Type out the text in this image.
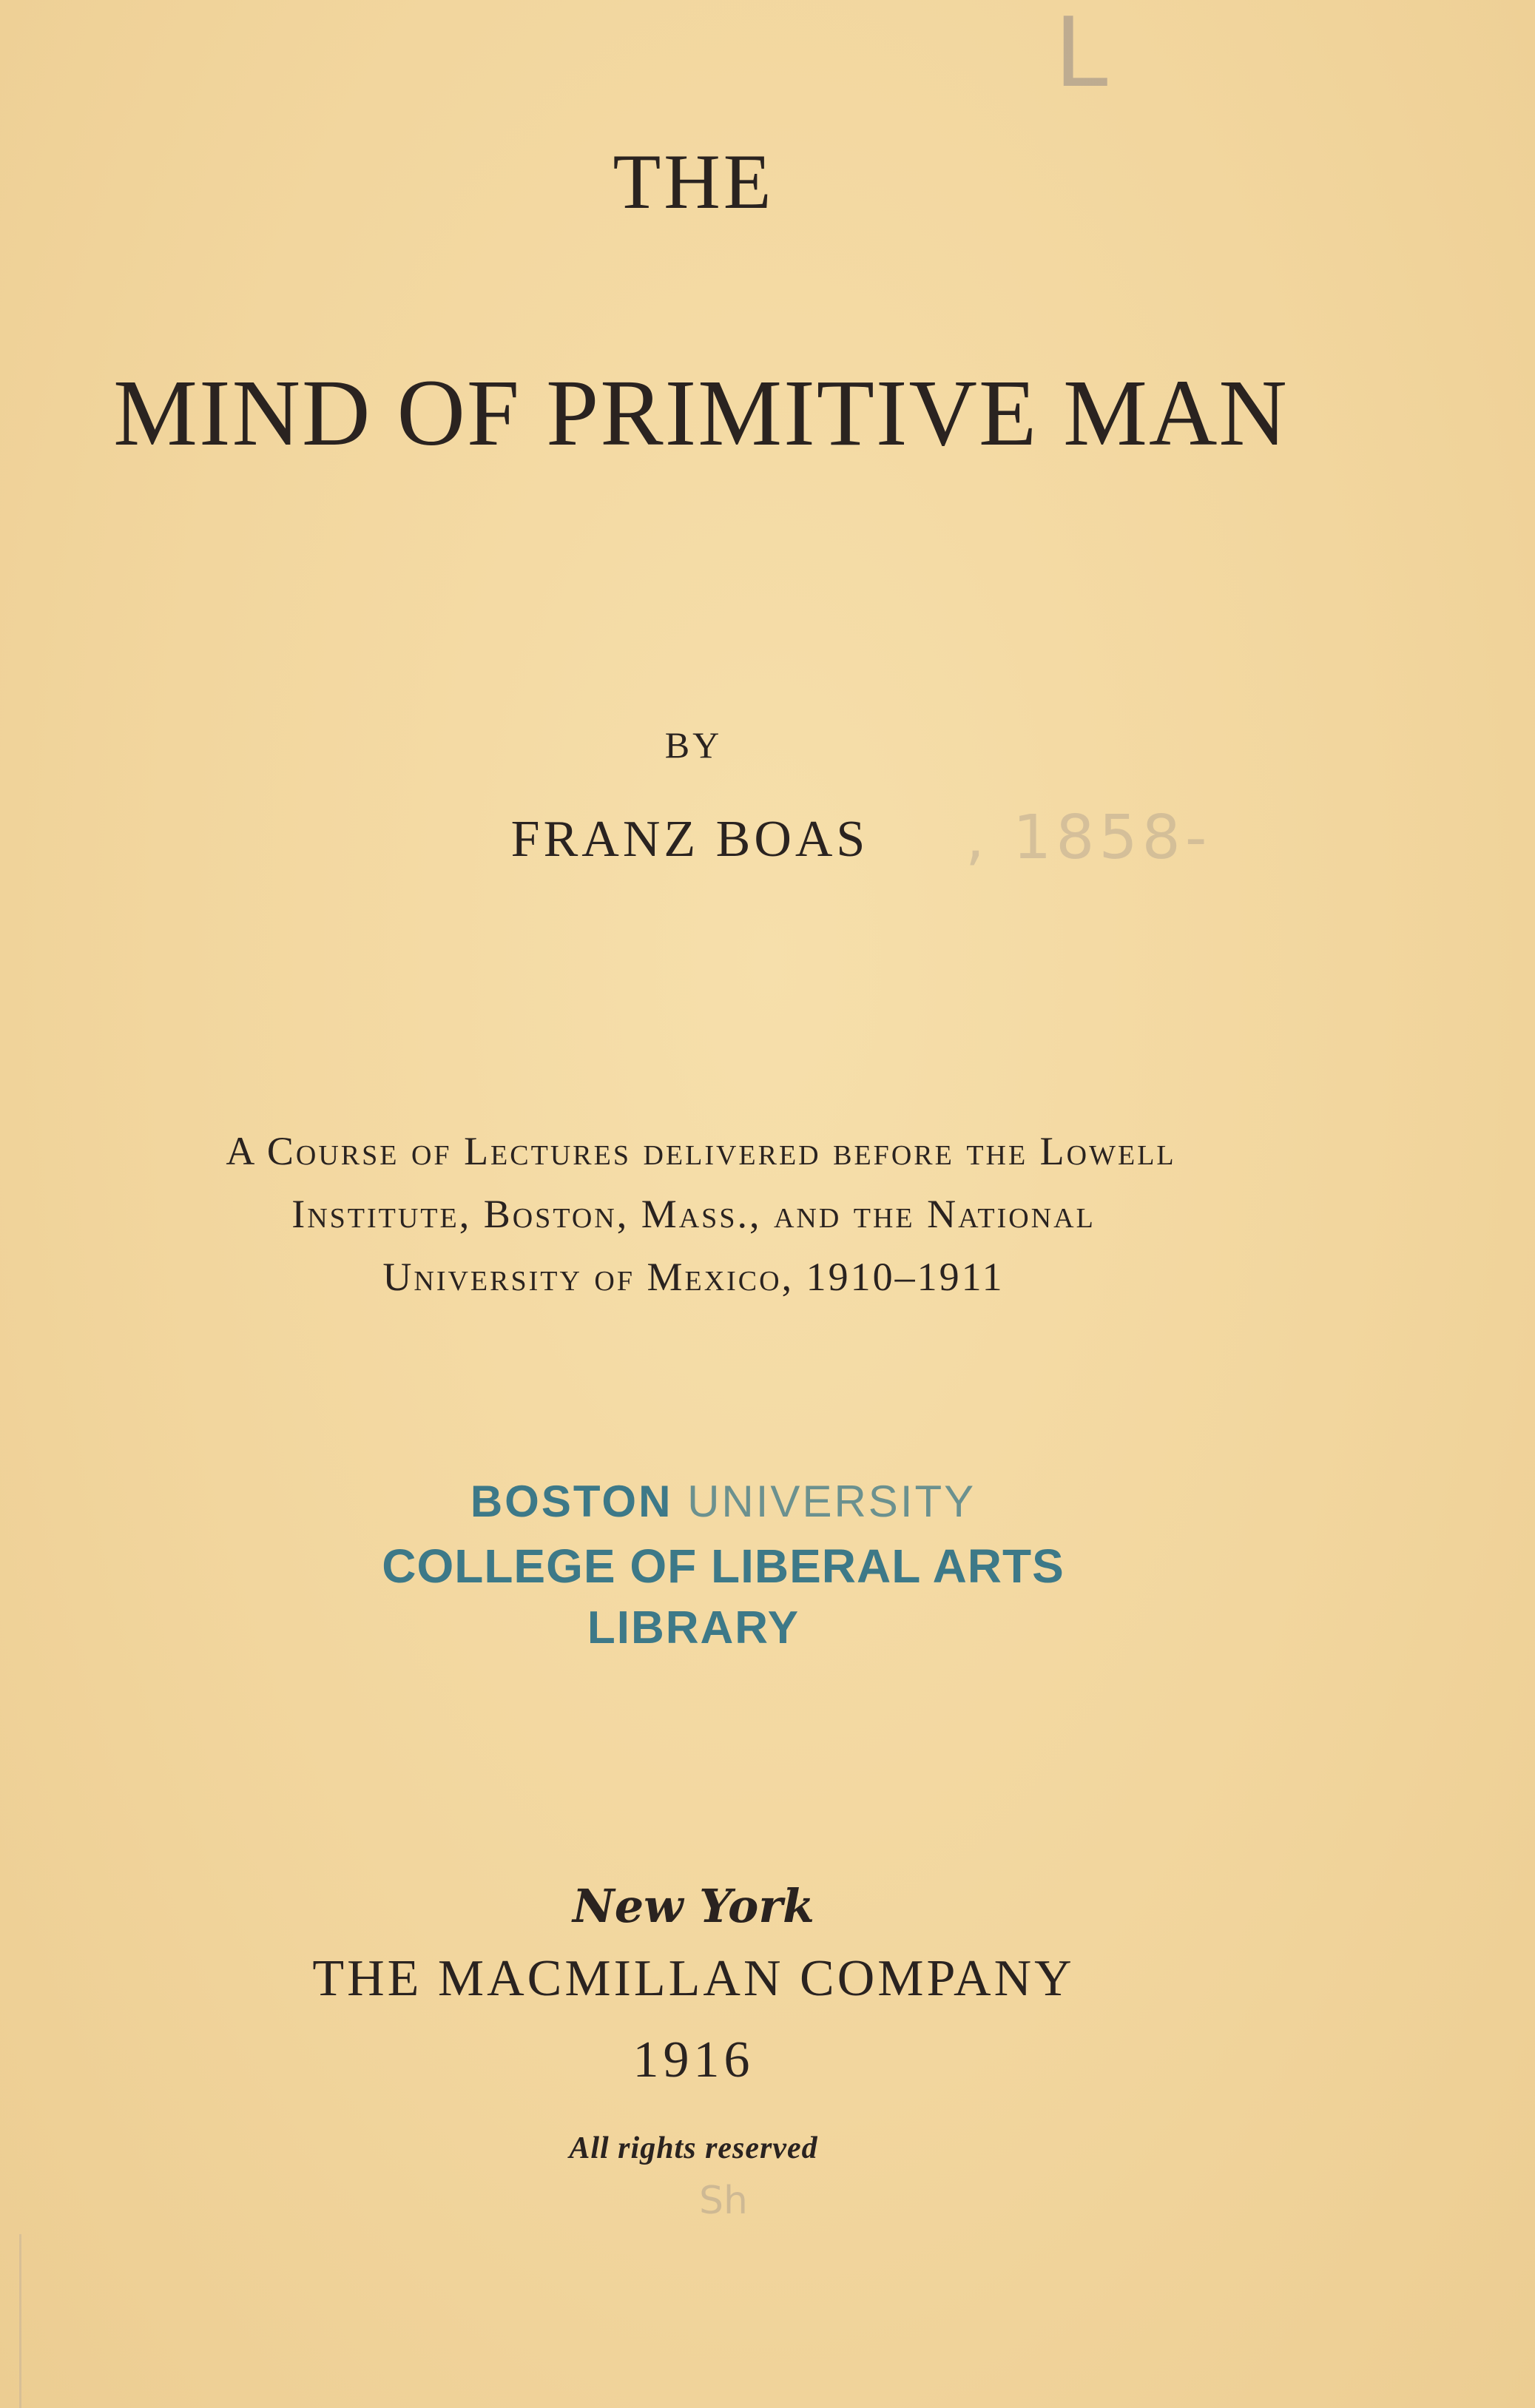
L
THE
MIND OF PRIMITIVE MAN
BY
FRANZ BOAS	, 1858-
A Course of Lectures delivered before the Lowell
Institute, Boston, Mass., and the National
University of Mexico, 1910–1911
BOSTON UNIVERSITY
COLLEGE OF LIBERAL ARTS
LIBRARY
New York
THE MACMILLAN COMPANY
1916
All rights reserved
Sh
